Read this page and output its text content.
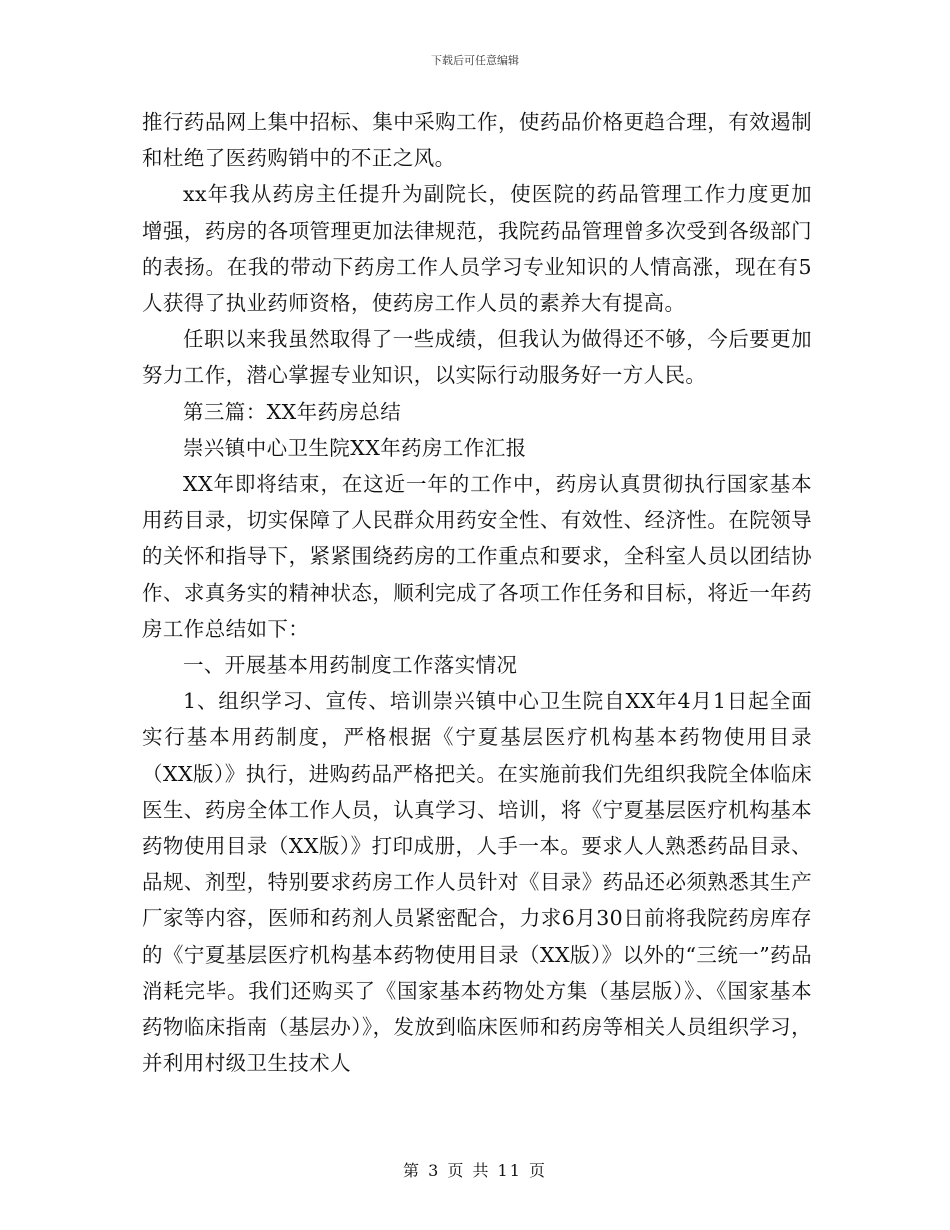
下载后可任意编辑

推行药品网上集中招标、集中采购工作，使药品价格更趋合理，有效遏制和杜绝了医药购销中的不正之风。

xx年我从药房主任提升为副院长，使医院的药品管理工作力度更加增强，药房的各项管理更加法律规范，我院药品管理曾多次受到各级部门的表扬。在我的带动下药房工作人员学习专业知识的人情高涨，现在有5人获得了执业药师资格，使药房工作人员的素养大有提高。

任职以来我虽然取得了一些成绩，但我认为做得还不够，今后要更加努力工作，潜心掌握专业知识，以实际行动服务好一方人民。

第三篇：XX年药房总结

崇兴镇中心卫生院XX年药房工作汇报

XX年即将结束，在这近一年的工作中，药房认真贯彻执行国家基本用药目录，切实保障了人民群众用药安全性、有效性、经济性。在院领导的关怀和指导下，紧紧围绕药房的工作重点和要求，全科室人员以团结协作、求真务实的精神状态，顺利完成了各项工作任务和目标，将近一年药房工作总结如下：

一、开展基本用药制度工作落实情况

1、组织学习、宣传、培训崇兴镇中心卫生院自XX年4月1日起全面实行基本用药制度，严格根据《宁夏基层医疗机构基本药物使用目录（XX版）》执行，进购药品严格把关。在实施前我们先组织我院全体临床医生、药房全体工作人员，认真学习、培训，将《宁夏基层医疗机构基本药物使用目录（XX版）》打印成册，人手一本。要求人人熟悉药品目录、品规、剂型，特别要求药房工作人员针对《目录》药品还必须熟悉其生产厂家等内容，医师和药剂人员紧密配合，力求6月30日前将我院药房库存的《宁夏基层医疗机构基本药物使用目录（XX版）》以外的“三统一”药品消耗完毕。我们还购买了《国家基本药物处方集（基层版）》、《国家基本药物临床指南（基层办）》，发放到临床医师和药房等相关人员组织学习，并利用村级卫生技术人

第 3 页 共 11 页
